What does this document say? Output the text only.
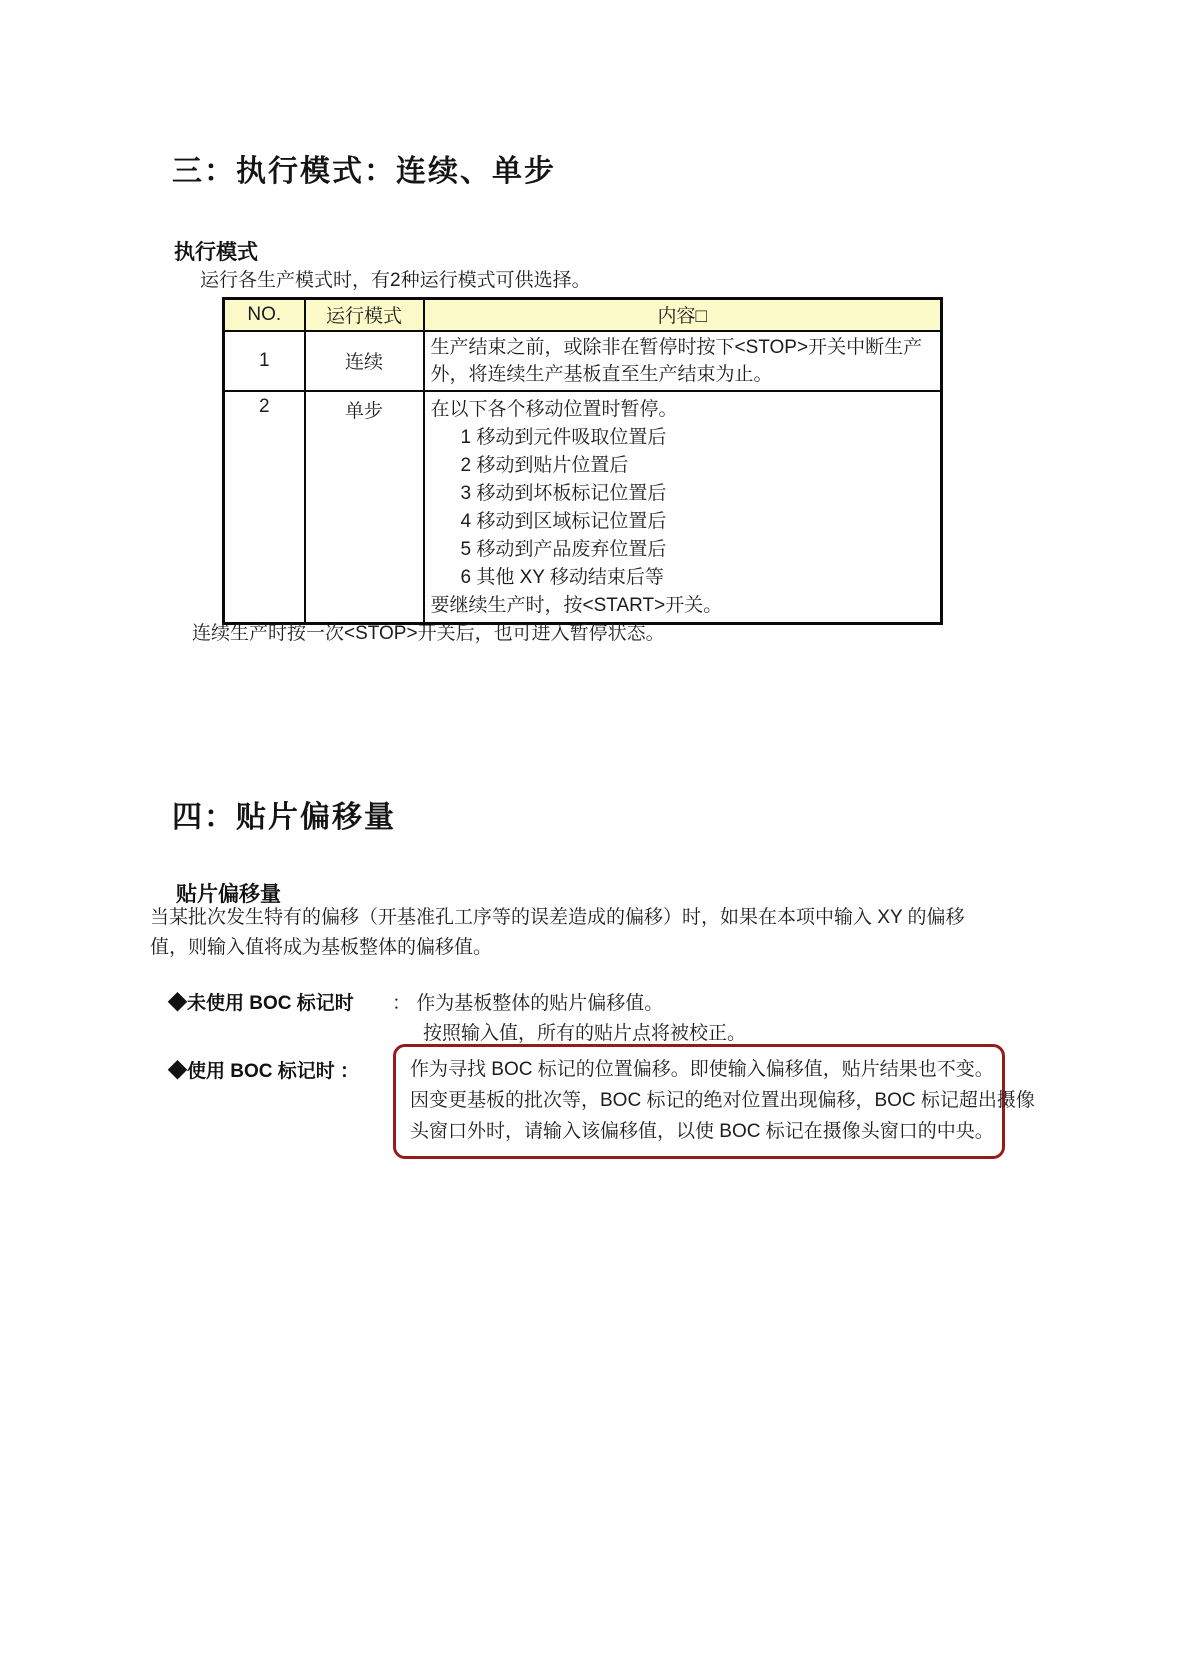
三：执行模式：连续、单步
执行模式
运行各生产模式时，有2种运行模式可供选择。
NO.	运行模式	内容□
1	连续	生产结束之前，或除非在暂停时按下<STOP>开关中断生产
外，将连续生产基板直至生产结束为止。

2	单步	在以下各个移动位置时暂停。
1 移动到元件吸取位置后
2 移动到贴片位置后
3 移动到坏板标记位置后
4 移动到区域标记位置后
5 移动到产品废弃位置后
6 其他 XY 移动结束后等
要继续生产时，按<START>开关。
连续生产时按一次<STOP>开关后，也可进入暂停状态。
四：贴片偏移量
贴片偏移量
当某批次发生特有的偏移（开基准孔工序等的误差造成的偏移）时，如果在本项中输入 XY 的偏移
值，则输入值将成为基板整体的偏移值。
◆未使用 BOC 标记时 ： 作为基板整体的贴片偏移值。
按照输入值，所有的贴片点将被校正。
◆使用 BOC 标记时 ：	作为寻找 BOC 标记的位置偏移。即使输入偏移值，贴片结果也不变。
因变更基板的批次等，BOC 标记的绝对位置出现偏移，BOC 标记超出摄像
头窗口外时，请输入该偏移值，以使 BOC 标记在摄像头窗口的中央。
